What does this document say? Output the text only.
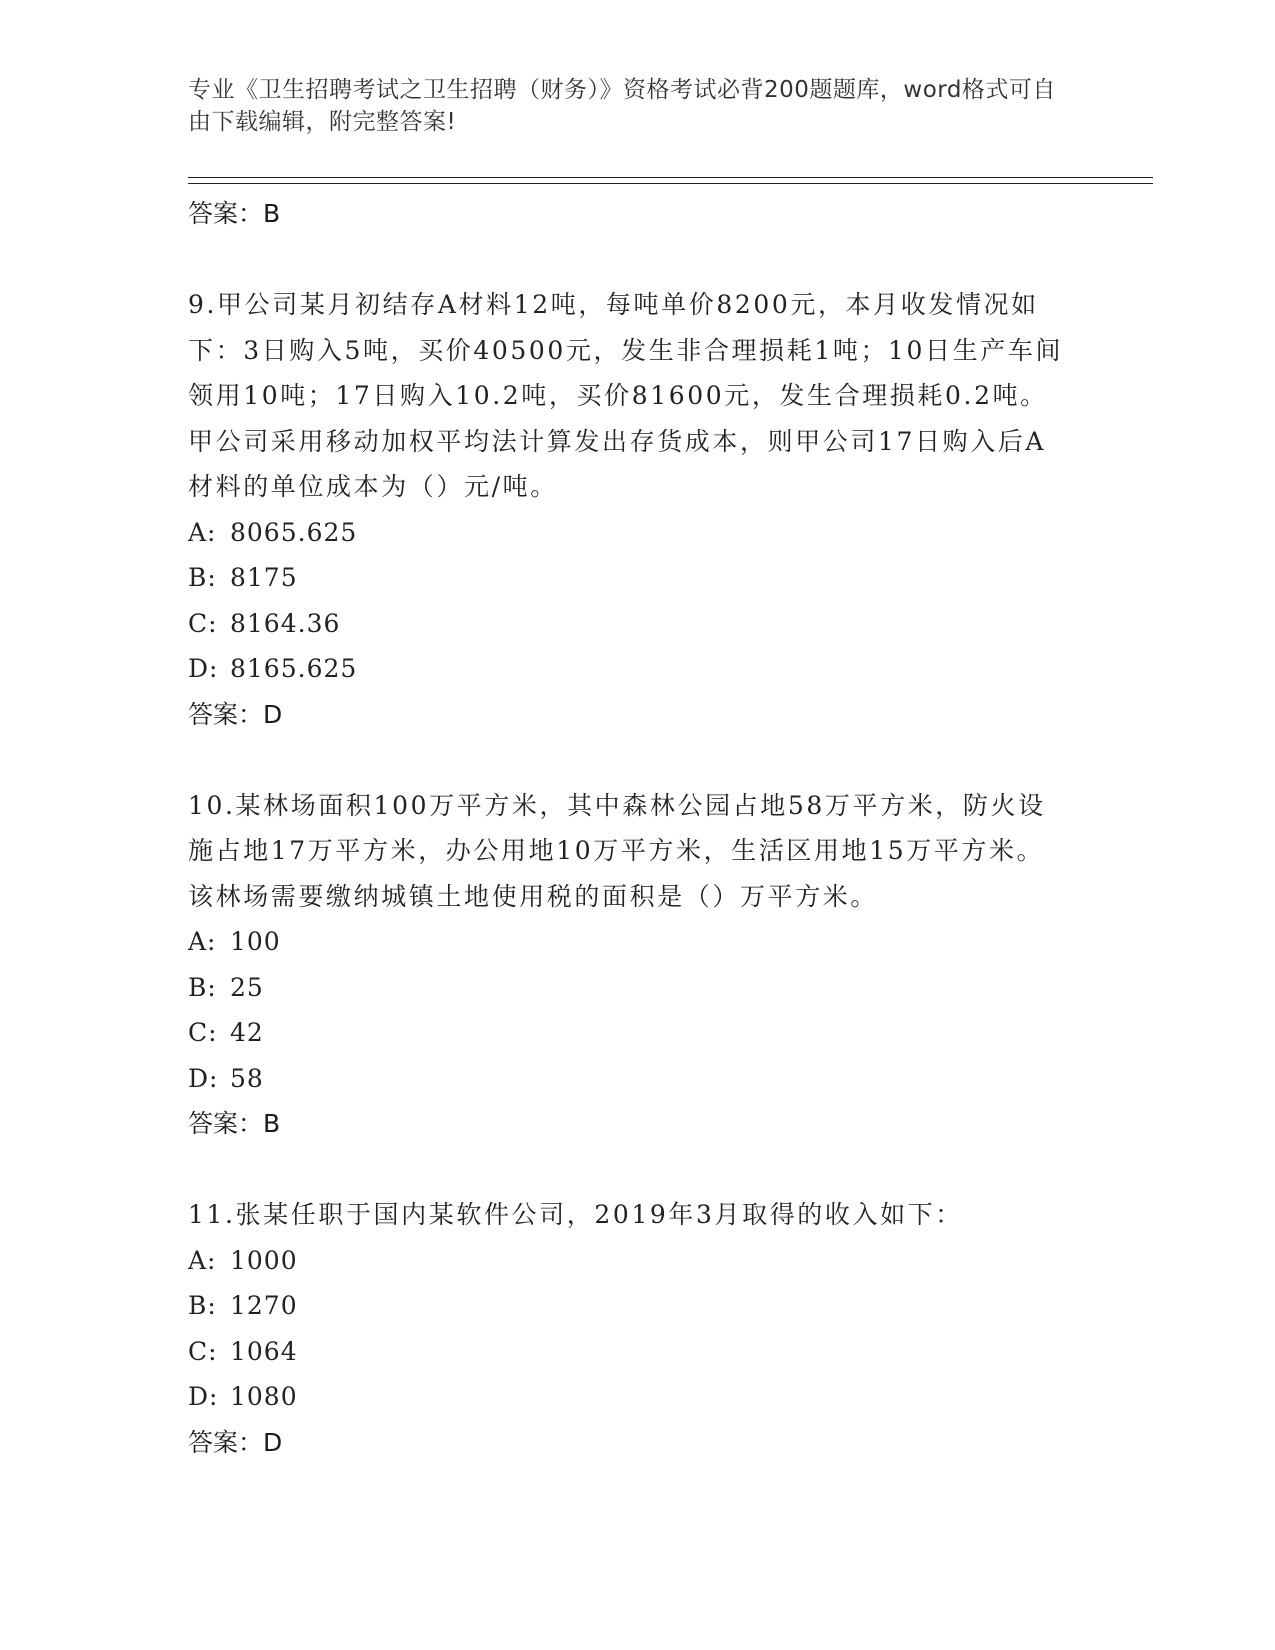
专业《卫生招聘考试之卫生招聘（财务）》资格考试必背200题题库，word格式可自由下载编辑，附完整答案!
答案：B
9.甲公司某月初结存A材料12吨，每吨单价8200元，本月收发情况如下：3日购入5吨，买价40500元，发生非合理损耗1吨；10日生产车间领用10吨；17日购入10.2吨，买价81600元，发生合理损耗0.2吨。甲公司采用移动加权平均法计算发出存货成本，则甲公司17日购入后A材料的单位成本为（）元/吨。
A: 8065.625
B: 8175
C: 8164.36
D: 8165.625
答案：D
10.某林场面积100万平方米，其中森林公园占地58万平方米，防火设施占地17万平方米，办公用地10万平方米，生活区用地15万平方米。该林场需要缴纳城镇土地使用税的面积是（）万平方米。
A: 100
B: 25
C: 42
D: 58
答案：B
11.张某任职于国内某软件公司，2019年3月取得的收入如下：
A: 1000
B: 1270
C: 1064
D: 1080
答案：D
